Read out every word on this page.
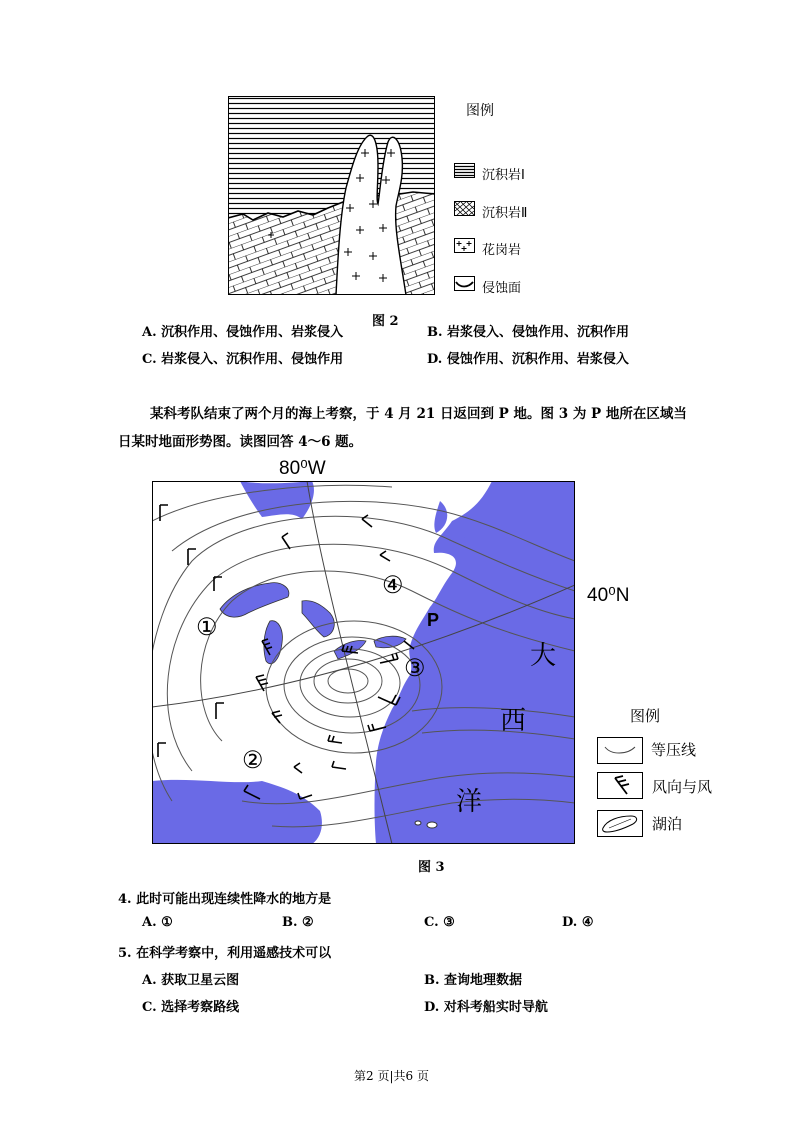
图例
沉积岩Ⅰ
沉积岩Ⅱ
花岗岩
侵蚀面
图 2
A. 沉积作用、侵蚀作用、岩浆侵入	B. 岩浆侵入、侵蚀作用、沉积作用
C. 岩浆侵入、沉积作用、侵蚀作用	D. 侵蚀作用、沉积作用、岩浆侵入
某科考队结束了两个月的海上考察，于 4 月 21 日返回到 P 地。图 3 为 P 地所在区域当
日某时地面形势图。读图回答 4～6 题。
80⁰W
40⁰N
P
①
②
③
④
大
西
洋
图例
等压线
风向与风
湖泊
图 3
4. 此时可能出现连续性降水的地方是
A. ①	B. ②	C. ③	D. ④
5. 在科学考察中，利用遥感技术可以
A. 获取卫星云图	B. 查询地理数据
C. 选择考察路线	D. 对科考船实时导航
第2 页|共6 页
